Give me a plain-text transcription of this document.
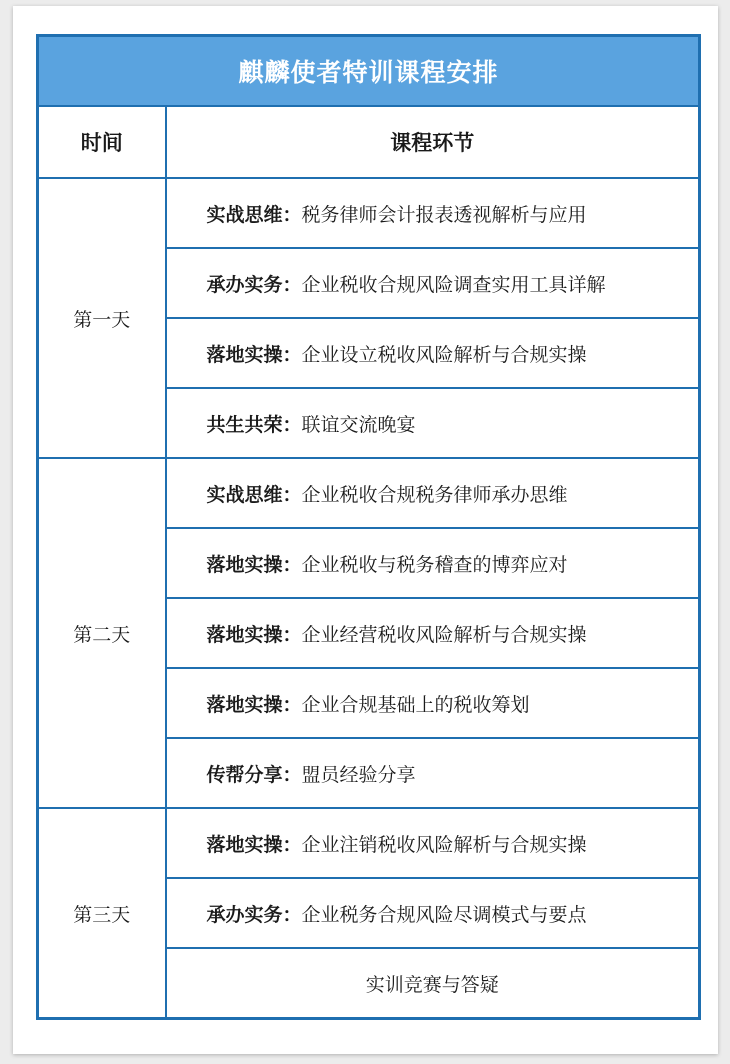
麒麟使者特训课程安排	
时间	课程环节
第一天	实战思维：税务律师会计报表透视解析与应用
	承办实务：企业税收合规风险调查实用工具详解
	落地实操：企业设立税收风险解析与合规实操
	共生共荣：联谊交流晚宴
第二天	实战思维：企业税收合规税务律师承办思维
	落地实操：企业税收与税务稽查的博弈应对
	落地实操：企业经营税收风险解析与合规实操
	落地实操：企业合规基础上的税收筹划
	传帮分享：盟员经验分享
第三天	落地实操：企业注销税收风险解析与合规实操
	承办实务：企业税务合规风险尽调模式与要点
	实训竞赛与答疑
